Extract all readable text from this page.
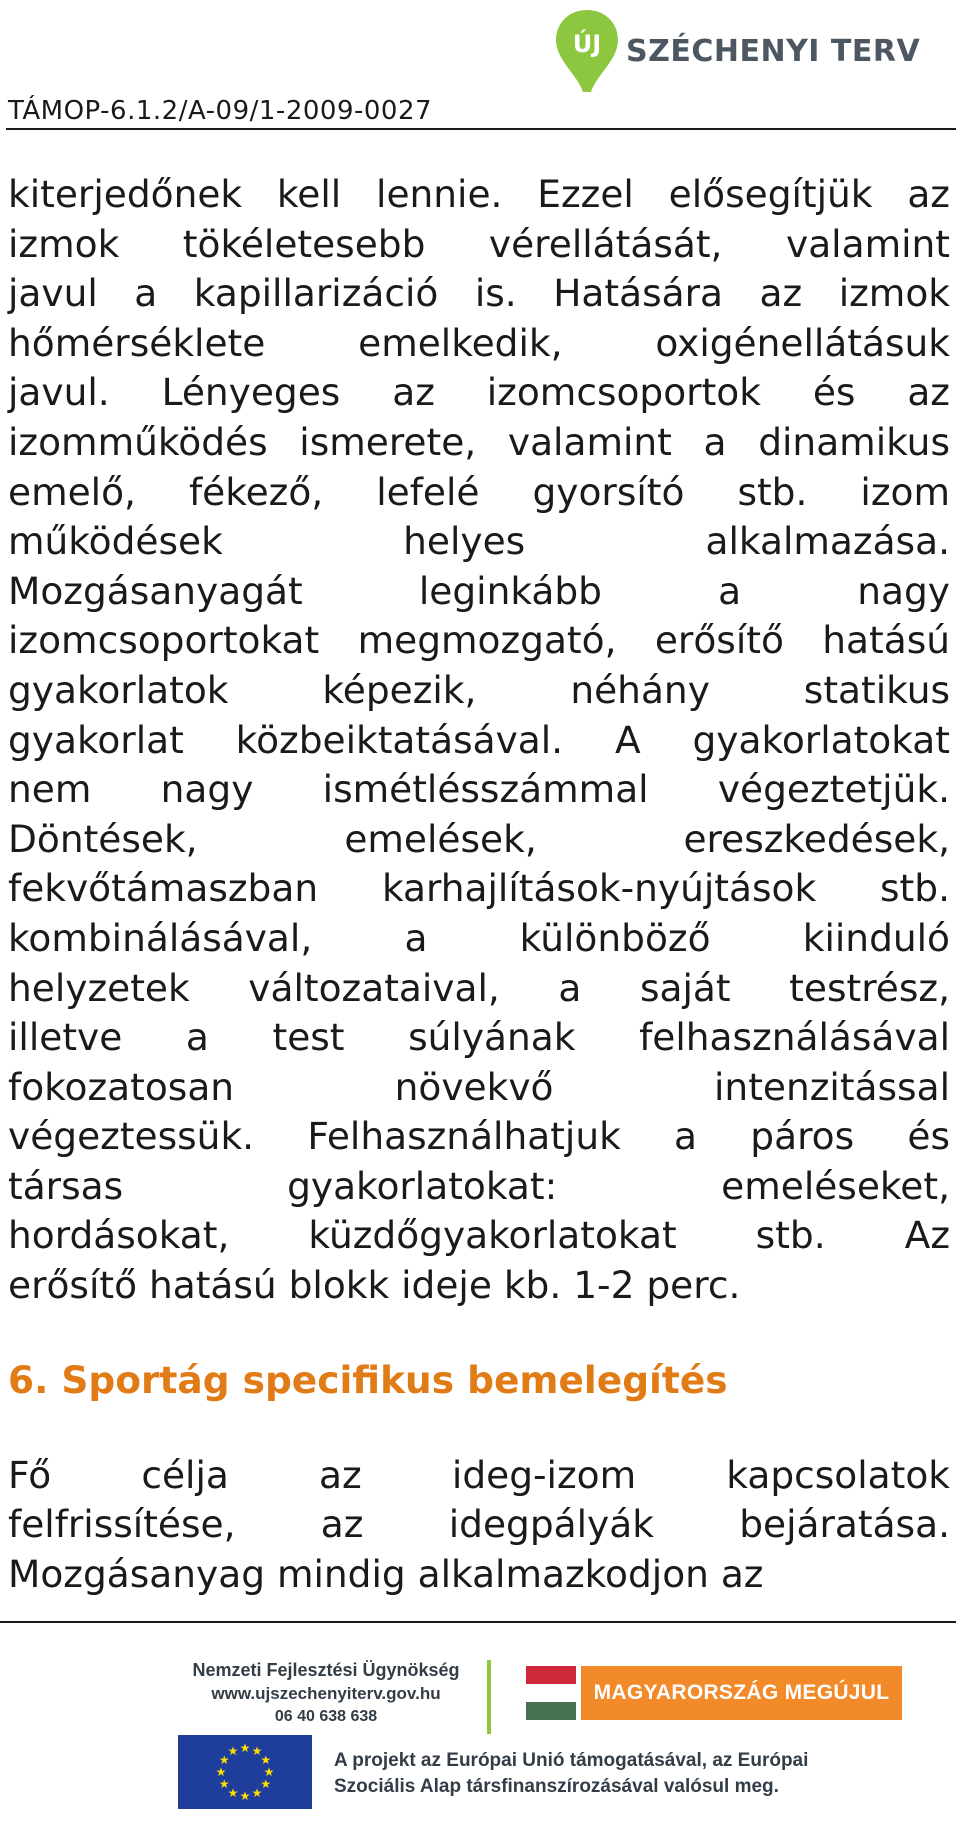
ÚJ SZÉCHENYI TERV
TÁMOP-6.1.2/A-09/1-2009-0027
kiterjedőnek kell lennie. Ezzel elősegítjük az
izmok tökéletesebb vérellátását, valamint
javul a kapillarizáció is. Hatására az izmok
hőmérséklete emelkedik, oxigénellátásuk
javul. Lényeges az izomcsoportok és az
izomműködés ismerete, valamint a dinamikus
emelő, fékező, lefelé gyorsító stb. izom
működések helyes alkalmazása.
Mozgásanyagát leginkább a nagy
izomcsoportokat megmozgató, erősítő hatású
gyakorlatok képezik, néhány statikus
gyakorlat közbeiktatásával. A gyakorlatokat
nem nagy ismétlésszámmal végeztetjük.
Döntések, emelések, ereszkedések,
fekvőtámaszban karhajlítások-nyújtások stb.
kombinálásával, a különböző kiinduló
helyzetek változataival, a saját testrész,
illetve a test súlyának felhasználásával
fokozatosan növekvő intenzitással
végeztessük. Felhasználhatjuk a páros és
társas gyakorlatokat: emeléseket,
hordásokat, küzdőgyakorlatokat stb. Az
erősítő hatású blokk ideje kb. 1-2 perc.
6. Sportág specifikus bemelegítés
Fő célja az ideg-izom kapcsolatok
felfrissítése, az idegpályák bejáratása.
Mozgásanyag mindig alkalmazkodjon az
Nemzeti Fejlesztési Ügynökség
www.ujszechenyiterv.gov.hu
06 40 638 638
MAGYARORSZÁG MEGÚJUL
★ ★
★
★
★
★
★
★
★
★
★
★	A projekt az Európai Unió támogatásával, az Európai
Szociális Alap társfinanszírozásával valósul meg.
